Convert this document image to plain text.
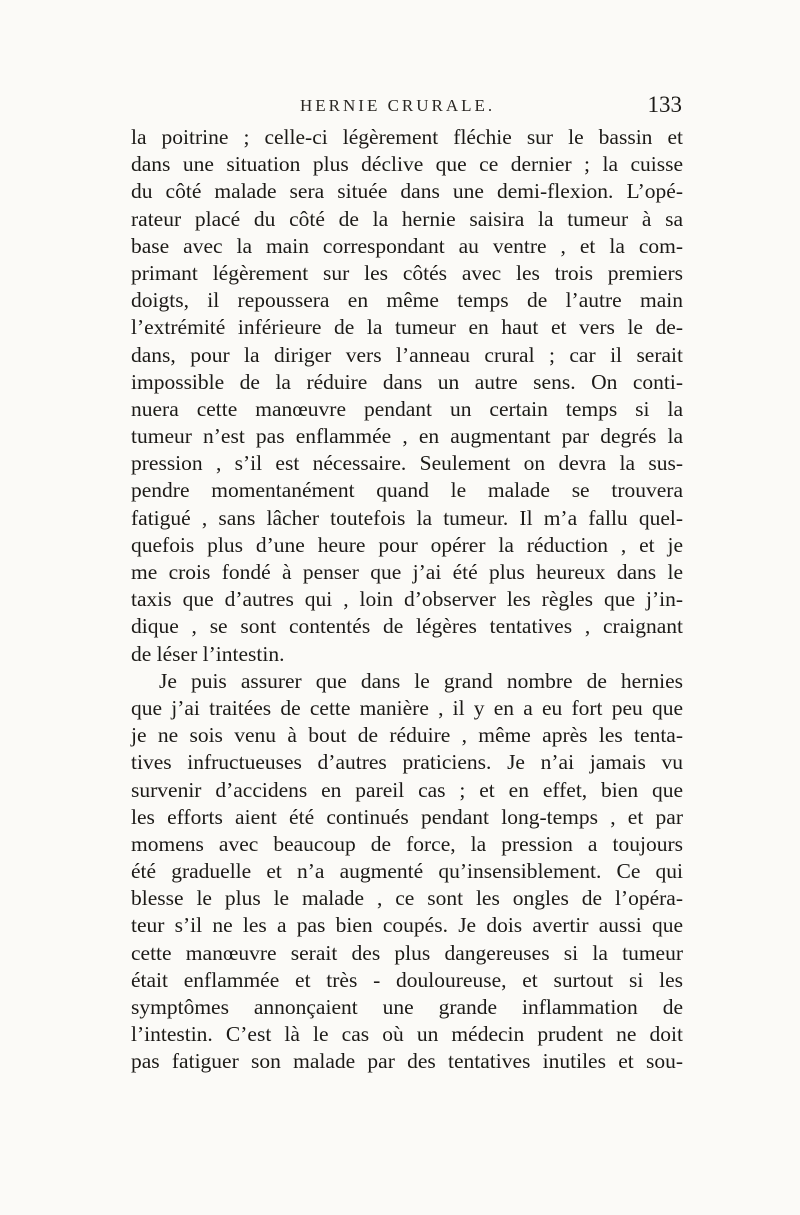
HERNIE CRURALE.	133
la poitrine ; celle-ci légèrement fléchie sur le bassin et
dans une situation plus déclive que ce dernier ; la cuisse
du côté malade sera située dans une demi-flexion. L’opé-
rateur placé du côté de la hernie saisira la tumeur à sa
base avec la main correspondant au ventre , et la com-
primant légèrement sur les côtés avec les trois premiers
doigts, il repoussera en même temps de l’autre main
l’extrémité inférieure de la tumeur en haut et vers le de-
dans, pour la diriger vers l’anneau crural ; car il serait
impossible de la réduire dans un autre sens. On conti-
nuera cette manœuvre pendant un certain temps si la
tumeur n’est pas enflammée , en augmentant par degrés la
pression , s’il est nécessaire. Seulement on devra la sus-
pendre momentanément quand le malade se trouvera
fatigué , sans lâcher toutefois la tumeur. Il m’a fallu quel-
quefois plus d’une heure pour opérer la réduction , et je
me crois fondé à penser que j’ai été plus heureux dans le
taxis que d’autres qui , loin d’observer les règles que j’in-
dique , se sont contentés de légères tentatives , craignant
de léser l’intestin.
Je puis assurer que dans le grand nombre de hernies
que j’ai traitées de cette manière , il y en a eu fort peu que
je ne sois venu à bout de réduire , même après les tenta-
tives infructueuses d’autres praticiens. Je n’ai jamais vu
survenir d’accidens en pareil cas ; et en effet, bien que
les efforts aient été continués pendant long-temps , et par
momens avec beaucoup de force, la pression a toujours
été graduelle et n’a augmenté qu’insensiblement. Ce qui
blesse le plus le malade , ce sont les ongles de l’opéra-
teur s’il ne les a pas bien coupés. Je dois avertir aussi que
cette manœuvre serait des plus dangereuses si la tumeur
était enflammée et très - douloureuse, et surtout si les
symptômes annonçaient une grande inflammation de
l’intestin. C’est là le cas où un médecin prudent ne doit
pas fatiguer son malade par des tentatives inutiles et sou-
